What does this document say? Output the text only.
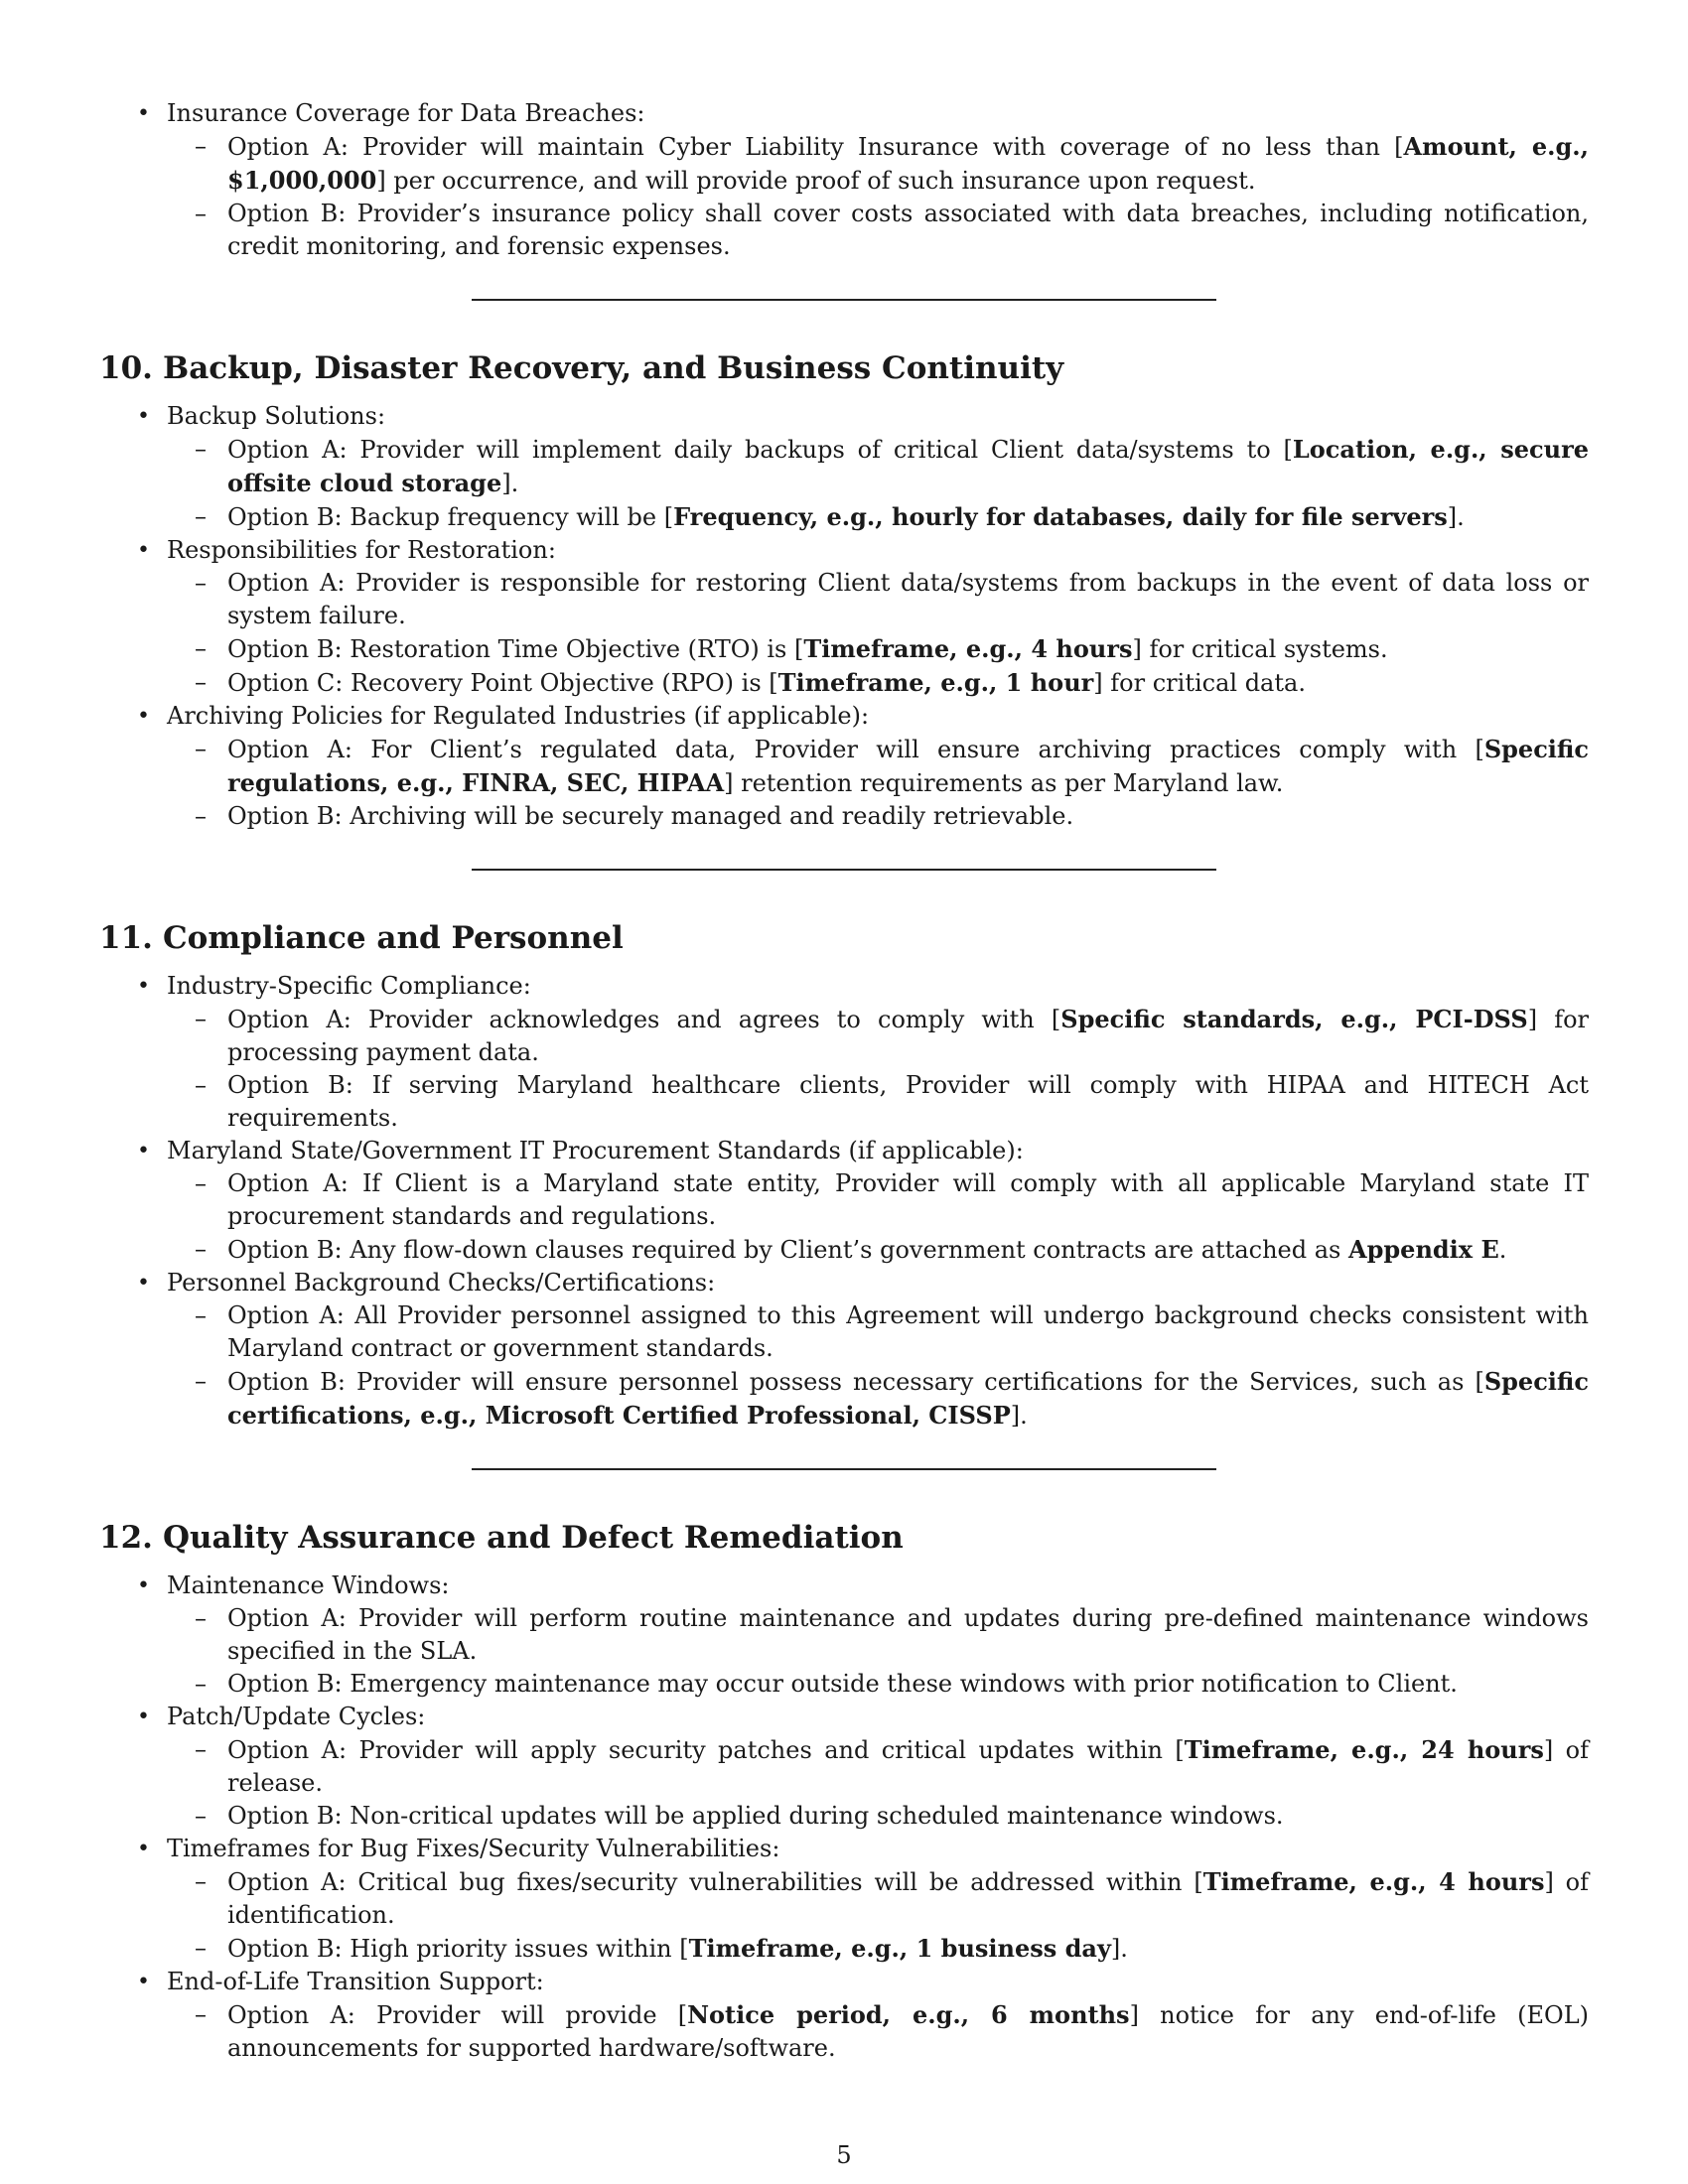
• Insurance Coverage for Data Breaches:
– Option A: Provider will maintain Cyber Liability Insurance with coverage of no less than [Amount, e.g., $1,000,000] per occurrence, and will provide proof of such insurance upon request.
– Option B: Provider’s insurance policy shall cover costs associated with data breaches, including notification, credit monitoring, and forensic expenses.
10. Backup, Disaster Recovery, and Business Continuity
• Backup Solutions:
– Option A: Provider will implement daily backups of critical Client data/systems to [Location, e.g., secure offsite cloud storage].
– Option B: Backup frequency will be [Frequency, e.g., hourly for databases, daily for file servers].
• Responsibilities for Restoration:
– Option A: Provider is responsible for restoring Client data/systems from backups in the event of data loss or system failure.
– Option B: Restoration Time Objective (RTO) is [Timeframe, e.g., 4 hours] for critical systems.
– Option C: Recovery Point Objective (RPO) is [Timeframe, e.g., 1 hour] for critical data.
• Archiving Policies for Regulated Industries (if applicable):
– Option A: For Client’s regulated data, Provider will ensure archiving practices comply with [Specific regulations, e.g., FINRA, SEC, HIPAA] retention requirements as per Maryland law.
– Option B: Archiving will be securely managed and readily retrievable.
11. Compliance and Personnel
• Industry-Specific Compliance:
– Option A: Provider acknowledges and agrees to comply with [Specific standards, e.g., PCI-DSS] for processing payment data.
– Option B: If serving Maryland healthcare clients, Provider will comply with HIPAA and HITECH Act requirements.
• Maryland State/Government IT Procurement Standards (if applicable):
– Option A: If Client is a Maryland state entity, Provider will comply with all applicable Maryland state IT procurement standards and regulations.
– Option B: Any flow-down clauses required by Client’s government contracts are attached as Appendix E.
• Personnel Background Checks/Certifications:
– Option A: All Provider personnel assigned to this Agreement will undergo background checks consistent with Maryland contract or government standards.
– Option B: Provider will ensure personnel possess necessary certifications for the Services, such as [Specific certifications, e.g., Microsoft Certified Professional, CISSP].
12. Quality Assurance and Defect Remediation
• Maintenance Windows:
– Option A: Provider will perform routine maintenance and updates during pre-defined maintenance windows specified in the SLA.
– Option B: Emergency maintenance may occur outside these windows with prior notification to Client.
• Patch/Update Cycles:
– Option A: Provider will apply security patches and critical updates within [Timeframe, e.g., 24 hours] of release.
– Option B: Non-critical updates will be applied during scheduled maintenance windows.
• Timeframes for Bug Fixes/Security Vulnerabilities:
– Option A: Critical bug fixes/security vulnerabilities will be addressed within [Timeframe, e.g., 4 hours] of identification.
– Option B: High priority issues within [Timeframe, e.g., 1 business day].
• End-of-Life Transition Support:
– Option A: Provider will provide [Notice period, e.g., 6 months] notice for any end-of-life (EOL) announcements for supported hardware/software.
5
